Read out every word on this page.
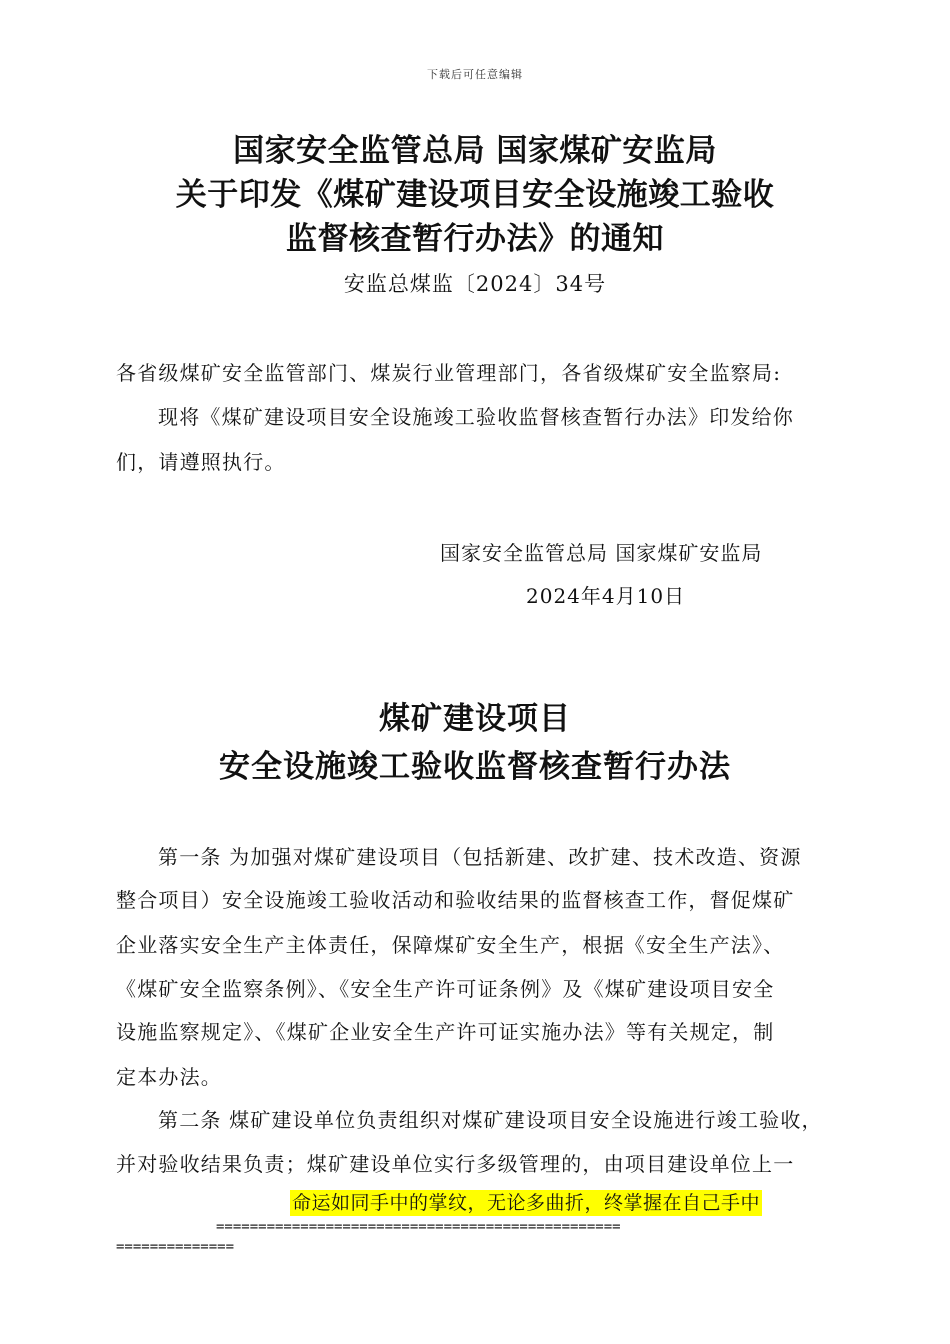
下载后可任意编辑
国家安全监管总局 国家煤矿安监局
关于印发《煤矿建设项目安全设施竣工验收
监督核查暂行办法》的通知
安监总煤监〔2024〕34号
各省级煤矿安全监管部门、煤炭行业管理部门，各省级煤矿安全监察局:
现将《煤矿建设项目安全设施竣工验收监督核查暂行办法》印发给你
们，请遵照执行。
国家安全监管总局 国家煤矿安监局
2024年4月10日
煤矿建设项目
安全设施竣工验收监督核查暂行办法
第一条 为加强对煤矿建设项目（包括新建、改扩建、技术改造、资源
整合项目）安全设施竣工验收活动和验收结果的监督核查工作，督促煤矿
企业落实安全生产主体责任，保障煤矿安全生产，根据《安全生产法》、
《煤矿安全监察条例》、《安全生产许可证条例》及《煤矿建设项目安全
设施监察规定》、《煤矿企业安全生产许可证实施办法》等有关规定，制
定本办法。
第二条 煤矿建设单位负责组织对煤矿建设项目安全设施进行竣工验收，
并对验收结果负责；煤矿建设单位实行多级管理的，由项目建设单位上一
命运如同手中的掌纹，无论多曲折，终掌握在自己手中
================================================
==============
